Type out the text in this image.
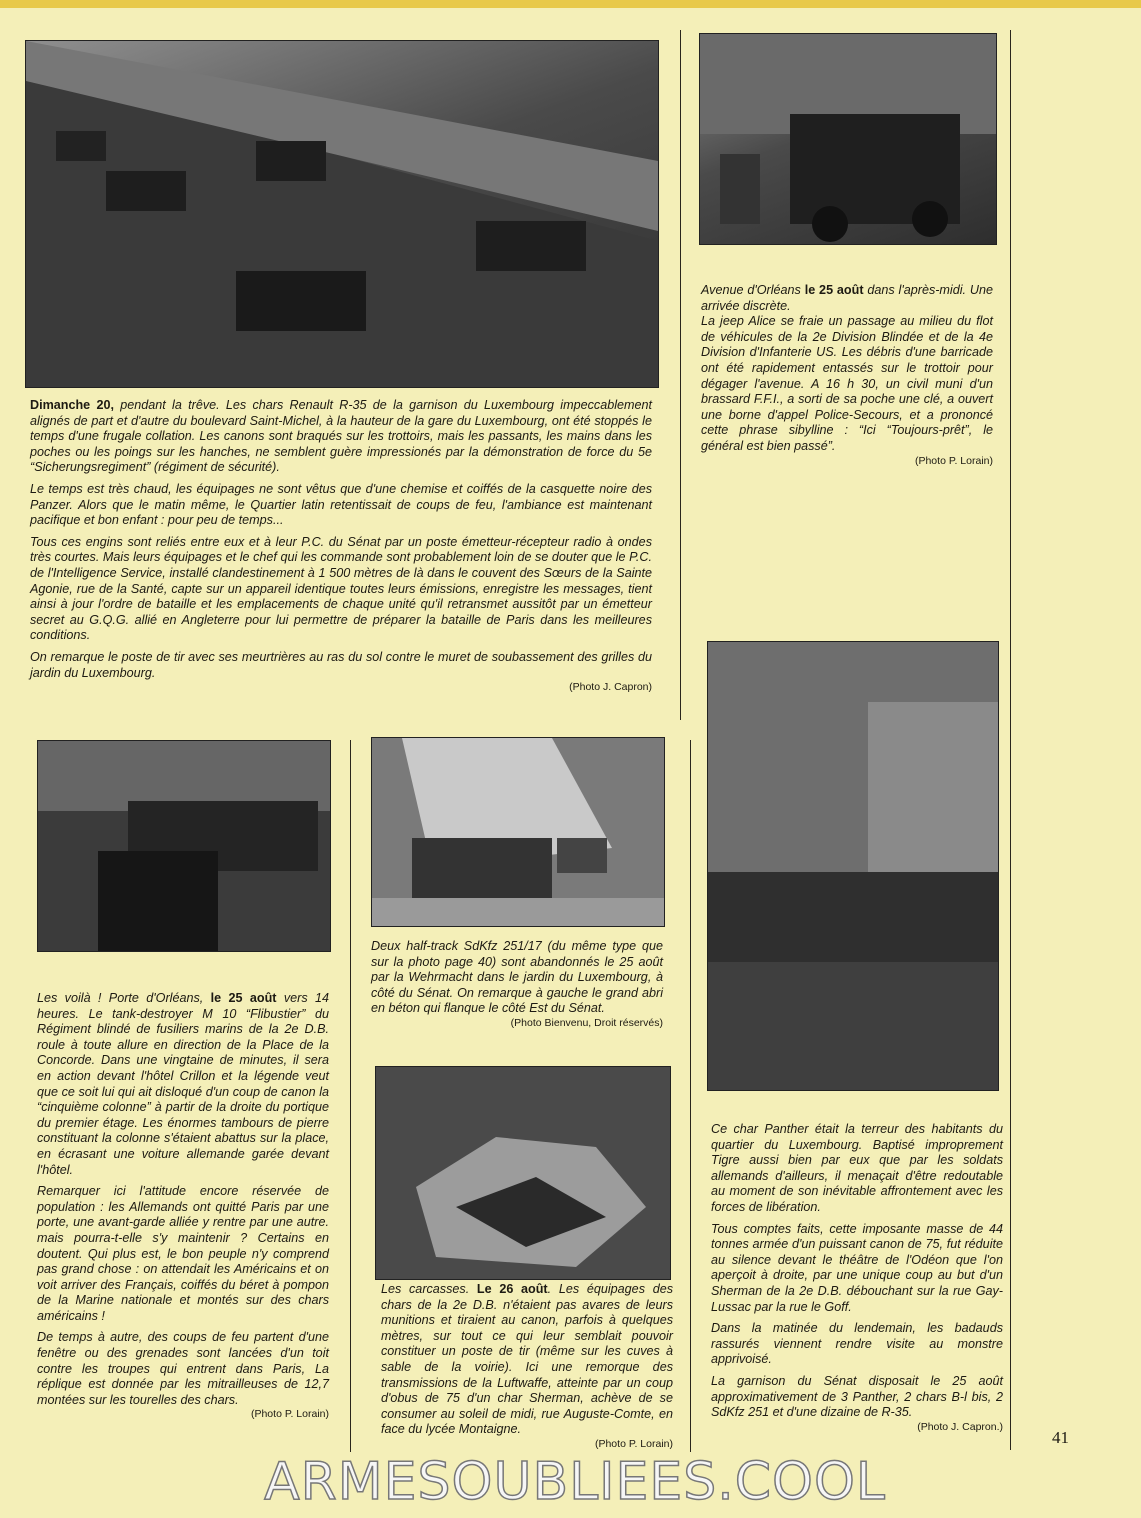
Dimanche 20, pendant la trêve. Les chars Renault R-35 de la garnison du Luxembourg impeccablement alignés de part et d'autre du boulevard Saint-Michel, à la hauteur de la gare du Luxembourg, ont été stoppés le temps d'une frugale collation. Les canons sont braqués sur les trottoirs, mais les passants, les mains dans les poches ou les poings sur les hanches, ne semblent guère impressionés par la démonstration de force du 5e “Sicherungsregiment” (régiment de sécurité).

Le temps est très chaud, les équipages ne sont vêtus que d'une chemise et coiffés de la casquette noire des Panzer. Alors que le matin même, le Quartier latin retentissait de coups de feu, l'ambiance est maintenant pacifique et bon enfant : pour peu de temps...

Tous ces engins sont reliés entre eux et à leur P.C. du Sénat par un poste émetteur-récepteur radio à ondes très courtes. Mais leurs équipages et le chef qui les commande sont probablement loin de se douter que le P.C. de l'Intelligence Service, installé clandestinement à 1 500 mètres de là dans le couvent des Sœurs de la Sainte Agonie, rue de la Santé, capte sur un appareil identique toutes leurs émissions, enregistre les messages, tient ainsi à jour l'ordre de bataille et les emplacements de chaque unité qu'il retransmet aussitôt par un émetteur secret au G.Q.G. allié en Angleterre pour lui permettre de préparer la bataille de Paris dans les meilleures conditions.

On remarque le poste de tir avec ses meurtrières au ras du sol contre le muret de soubassement des grilles du jardin du Luxembourg.
(Photo J. Capron)

Avenue d'Orléans le 25 août dans l'après-midi. Une arrivée discrète.

La jeep Alice se fraie un passage au milieu du flot de véhicules de la 2e Division Blindée et de la 4e Division d'Infanterie US. Les débris d'une barricade ont été rapidement entassés sur le trottoir pour dégager l'avenue. A 16 h 30, un civil muni d'un brassard F.F.I., a sorti de sa poche une clé, a ouvert une borne d'appel Police-Secours, et a prononcé cette phrase sibylline : “Ici “Toujours-prêt”, le général est bien passé”.
(Photo P. Lorain)

Les voilà ! Porte d'Orléans, le 25 août vers 14 heures. Le tank-destroyer M 10 “Flibustier” du Régiment blindé de fusiliers marins de la 2e D.B. roule à toute allure en direction de la Place de la Concorde. Dans une vingtaine de minutes, il sera en action devant l'hôtel Crillon et la légende veut que ce soit lui qui ait disloqué d'un coup de canon la “cinquième colonne” à partir de la droite du portique du premier étage. Les énormes tambours de pierre constituant la colonne s'étaient abattus sur la place, en écrasant une voiture allemande garée devant l'hôtel.

Remarquer ici l'attitude encore réservée de population : les Allemands ont quitté Paris par une porte, une avant-garde alliée y rentre par une autre. mais pourra-t-elle s'y maintenir ? Certains en doutent. Qui plus est, le bon peuple n'y comprend pas grand chose : on attendait les Américains et on voit arriver des Français, coiffés du béret à pompon de la Marine nationale et montés sur des chars américains !

De temps à autre, des coups de feu partent d'une fenêtre ou des grenades sont lancées d'un toit contre les troupes qui entrent dans Paris, La réplique est donnée par les mitrailleuses de 12,7 montées sur les tourelles des chars.
(Photo P. Lorain)

Deux half-track SdKfz 251/17 (du même type que sur la photo page 40) sont abandonnés le 25 août par la Wehrmacht dans le jardin du Luxembourg, à côté du Sénat. On remarque à gauche le grand abri en béton qui flanque le côté Est du Sénat.
(Photo Bienvenu, Droit réservés)

Les carcasses. Le 26 août. Les équipages des chars de la 2e D.B. n'étaient pas avares de leurs munitions et tiraient au canon, parfois à quelques mètres, sur tout ce qui leur semblait pouvoir constituer un poste de tir (même sur les cuves à sable de la voirie). Ici une remorque des transmissions de la Luftwaffe, atteinte par un coup d'obus de 75 d'un char Sherman, achève de se consumer au soleil de midi, rue Auguste-Comte, en face du lycée Montaigne.
(Photo P. Lorain)

Ce char Panther était la terreur des habitants du quartier du Luxembourg. Baptisé improprement Tigre aussi bien par eux que par les soldats allemands d'ailleurs, il menaçait d'être redoutable au moment de son inévitable affrontement avec les forces de libération.

Tous comptes faits, cette imposante masse de 44 tonnes armée d'un puissant canon de 75, fut réduite au silence devant le théâtre de l'Odéon que l'on aperçoit à droite, par une unique coup au but d'un Sherman de la 2e D.B. débouchant sur la rue Gay-Lussac par la rue le Goff.

Dans la matinée du lendemain, les badauds rassurés viennent rendre visite au monstre apprivoisé.

La garnison du Sénat disposait le 25 août approximativement de 3 Panther, 2 chars B-l bis, 2 SdKfz 251 et d'une dizaine de R-35.
(Photo J. Capron.)

41
ARMESOUBLIEES.COOL
